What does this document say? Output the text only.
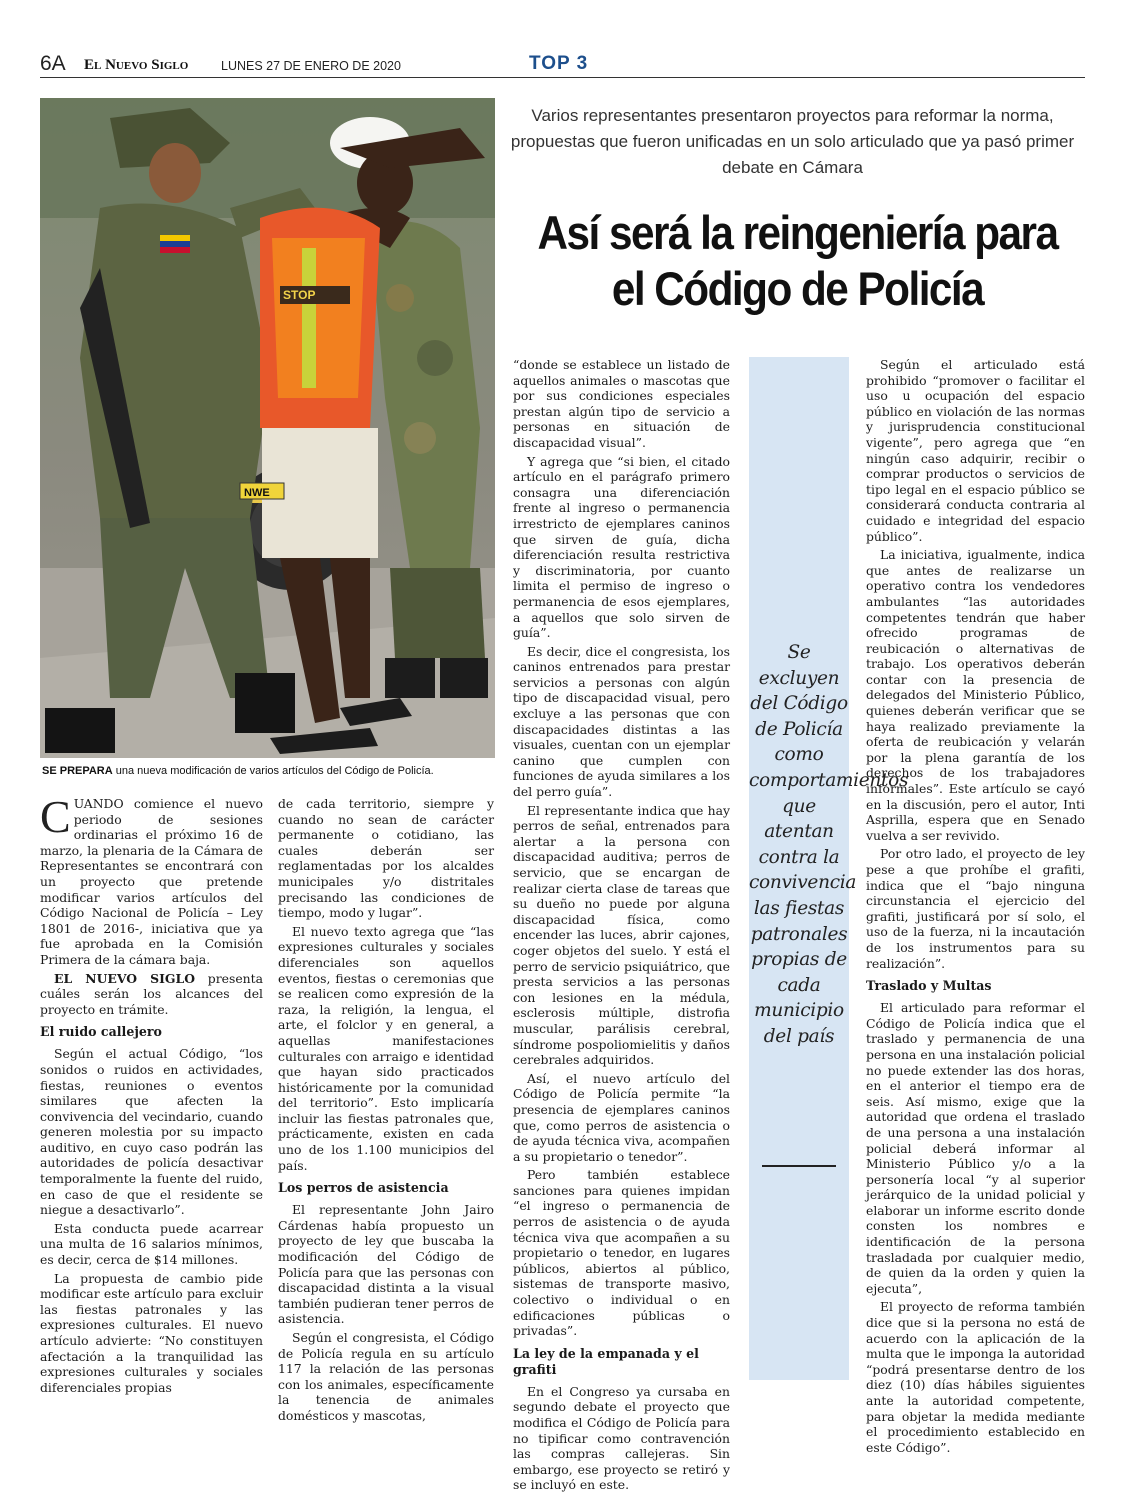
6A El Nuevo Siglo	LUNES 27 DE ENERO DE 2020	TOP 3
STOP
NWE
SE PREPARA una nueva modificación de varios artículos del Código de Policía.
Varios representantes presentaron proyectos para reformar la norma, propuestas que fueron unificadas en un solo articulado que ya pasó primer debate en Cámara
Así será la reingeniería para
el Código de Policía

CUANDO comience el nuevo periodo de sesiones ordinarias el próximo 16 de marzo, la plenaria de la Cámara de Representantes se encontrará con un proyecto que pretende modificar varios artículos del Código Nacional de Policía – Ley 1801 de 2016-, iniciativa que ya fue aprobada en la Comisión Primera de la cámara baja.

EL NUEVO SIGLO presenta cuáles serán los alcances del proyecto en trámite.

El ruido callejero

Según el actual Código, “los sonidos o ruidos en actividades, fiestas, reuniones o eventos similares que afecten la convivencia del vecindario, cuando generen molestia por su impacto auditivo, en cuyo caso podrán las autoridades de policía desactivar temporalmente la fuente del ruido, en caso de que el residente se niegue a desactivarlo”.

Esta conducta puede acarrear una multa de 16 salarios mínimos, es decir, cerca de $14 millones.

La propuesta de cambio pide modificar este artículo para excluir las fiestas patronales y las expresiones culturales. El nuevo artículo advierte: “No constituyen afectación a la tranquilidad las expresiones culturales y sociales diferenciales propias

de cada territorio, siempre y cuando no sean de carácter permanente o cotidiano, las cuales deberán ser reglamentadas por los alcaldes municipales y/o distritales precisando las condiciones de tiempo, modo y lugar”.

El nuevo texto agrega que “las expresiones culturales y sociales diferenciales son aquellos eventos, fiestas o ceremonias que se realicen como expresión de la raza, la religión, la lengua, el arte, el folclor y en general, a aquellas manifestaciones culturales con arraigo e identidad que hayan sido practicados históricamente por la comunidad del territorio”. Esto implicaría incluir las fiestas patronales que, prácticamente, existen en cada uno de los 1.100 municipios del país.

Los perros de asistencia

El representante John Jairo Cárdenas había propuesto un proyecto de ley que buscaba la modificación del Código de Policía para que las personas con discapacidad distinta a la visual también pudieran tener perros de asistencia.

Según el congresista, el Código de Policía regula en su artículo 117 la relación de las personas con los animales, específicamente la tenencia de animales domésticos y mascotas,

“donde se establece un listado de aquellos animales o mascotas que por sus condiciones especiales prestan algún tipo de servicio a personas en situación de discapacidad visual”.

Y agrega que “si bien, el citado artículo en el parágrafo primero consagra una diferenciación frente al ingreso o permanencia irrestricto de ejemplares caninos que sirven de guía, dicha diferenciación resulta restrictiva y discriminatoria, por cuanto limita el permiso de ingreso o permanencia de esos ejemplares, a aquellos que solo sirven de guía”.

Es decir, dice el congresista, los caninos entrenados para prestar servicios a personas con algún tipo de discapacidad visual, pero excluye a las personas que con discapacidades distintas a las visuales, cuentan con un ejemplar canino que cumplen con funciones de ayuda similares a los del perro guía”.

El representante indica que hay perros de señal, entrenados para alertar a la persona con discapacidad auditiva; perros de servicio, que se encargan de realizar cierta clase de tareas que su dueño no puede por alguna discapacidad física, como encender las luces, abrir cajones, coger objetos del suelo. Y está el perro de servicio psiquiátrico, que presta servicios a las personas con lesiones en la médula, esclerosis múltiple, distrofia muscular, parálisis cerebral, síndrome pospoliomielitis y daños cerebrales adquiridos.

Así, el nuevo artículo del Código de Policía permite “la presencia de ejemplares caninos que, como perros de asistencia o de ayuda técnica viva, acompañen a su propietario o tenedor”.

Pero también establece sanciones para quienes impidan “el ingreso o permanencia de perros de asistencia o de ayuda técnica viva que acompañen a su propietario o tenedor, en lugares públicos, abiertos al público, sistemas de transporte masivo, colectivo o individual o en edificaciones públicas o privadas”.

La ley de la empanada y el grafiti

En el Congreso ya cursaba en segundo debate el proyecto que modifica el Código de Policía para no tipificar como contravención las compras callejeras. Sin embargo, ese proyecto se retiró y se incluyó en este.

Se excluyen del Código de Policía como comportamientos que atentan contra la convivencia las fiestas patronales propias de cada municipio del país

Según el articulado está prohibido “promover o facilitar el uso u ocupación del espacio público en violación de las normas y jurisprudencia constitucional vigente”, pero agrega que “en ningún caso adquirir, recibir o comprar productos o servicios de tipo legal en el espacio público se considerará conducta contraria al cuidado e integridad del espacio público”.

La iniciativa, igualmente, indica que antes de realizarse un operativo contra los vendedores ambulantes “las autoridades competentes tendrán que haber ofrecido programas de reubicación o alternativas de trabajo. Los operativos deberán contar con la presencia de delegados del Ministerio Público, quienes deberán verificar que se haya realizado previamente la oferta de reubicación y velarán por la plena garantía de los derechos de los trabajadores informales”. Este artículo se cayó en la discusión, pero el autor, Inti Asprilla, espera que en Senado vuelva a ser revivido.

Por otro lado, el proyecto de ley pese a que prohíbe el grafiti, indica que el “bajo ninguna circunstancia el ejercicio del grafiti, justificará por sí solo, el uso de la fuerza, ni la incautación de los instrumentos para su realización”.

Traslado y Multas

El articulado para reformar el Código de Policía indica que el traslado y permanencia de una persona en una instalación policial no puede extender las dos horas, en el anterior el tiempo era de seis. Así mismo, exige que la autoridad que ordena el traslado de una persona a una instalación policial deberá informar al Ministerio Público y/o a la personería local “y al superior jerárquico de la unidad policial y elaborar un informe escrito donde consten los nombres e identificación de la persona trasladada por cualquier medio, de quien da la orden y quien la ejecuta”,

El proyecto de reforma también dice que si la persona no está de acuerdo con la aplicación de la multa que le imponga la autoridad “podrá presentarse dentro de los diez (10) días hábiles siguientes ante la autoridad competente, para objetar la medida mediante el procedimiento establecido en este Código”.
